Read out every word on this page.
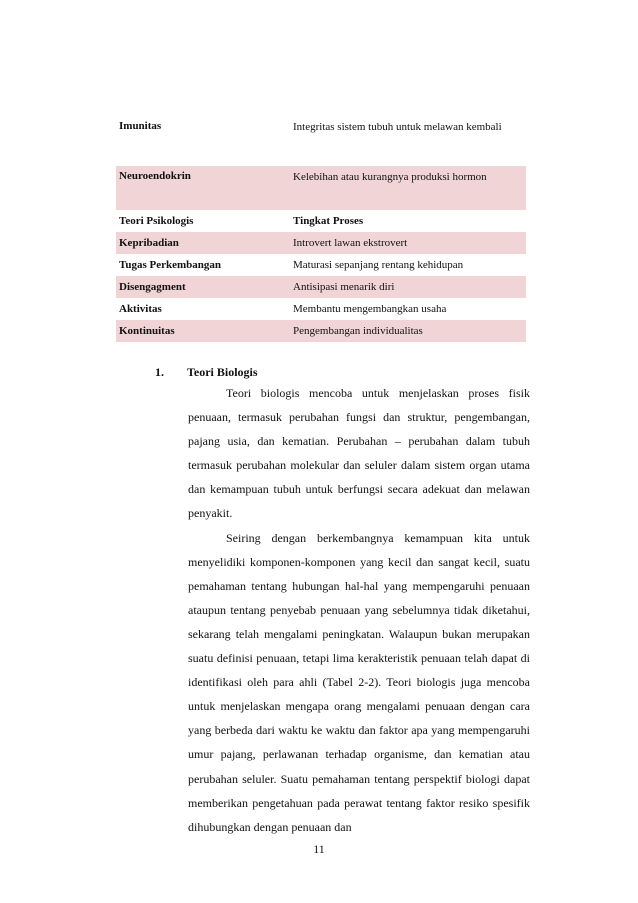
Imunitas	Integritas sistem tubuh untuk melawan kembali
Neuroendokrin	Kelebihan atau kurangnya produksi hormon
Teori Psikologis	Tingkat Proses
Kepribadian	Introvert lawan ekstrovert
Tugas Perkembangan	Maturasi sepanjang rentang kehidupan
Disengagment	Antisipasi menarik diri
Aktivitas	Membantu mengembangkan usaha
Kontinuitas	Pengembangan individualitas
1. Teori Biologis

Teori biologis mencoba untuk menjelaskan proses fisik penuaan, termasuk perubahan fungsi dan struktur, pengembangan, pajang usia, dan kematian. Perubahan – perubahan dalam tubuh termasuk perubahan molekular dan seluler dalam sistem organ utama dan kemampuan tubuh untuk berfungsi secara adekuat dan melawan penyakit.

Seiring dengan berkembangnya kemampuan kita untuk menyelidiki komponen-komponen yang kecil dan sangat kecil, suatu pemahaman tentang hubungan hal-hal yang mempengaruhi penuaan ataupun tentang penyebab penuaan yang sebelumnya tidak diketahui, sekarang telah mengalami peningkatan. Walaupun bukan merupakan suatu definisi penuaan, tetapi lima kerakteristik penuaan telah dapat di identifikasi oleh para ahli (Tabel 2-2). Teori biologis juga mencoba untuk menjelaskan mengapa orang mengalami penuaan dengan cara yang berbeda dari waktu ke waktu dan faktor apa yang mempengaruhi umur pajang, perlawanan terhadap organisme, dan kematian atau perubahan seluler. Suatu pemahaman tentang perspektif biologi dapat memberikan pengetahuan pada perawat tentang faktor resiko spesifik dihubungkan dengan penuaan dan

11
